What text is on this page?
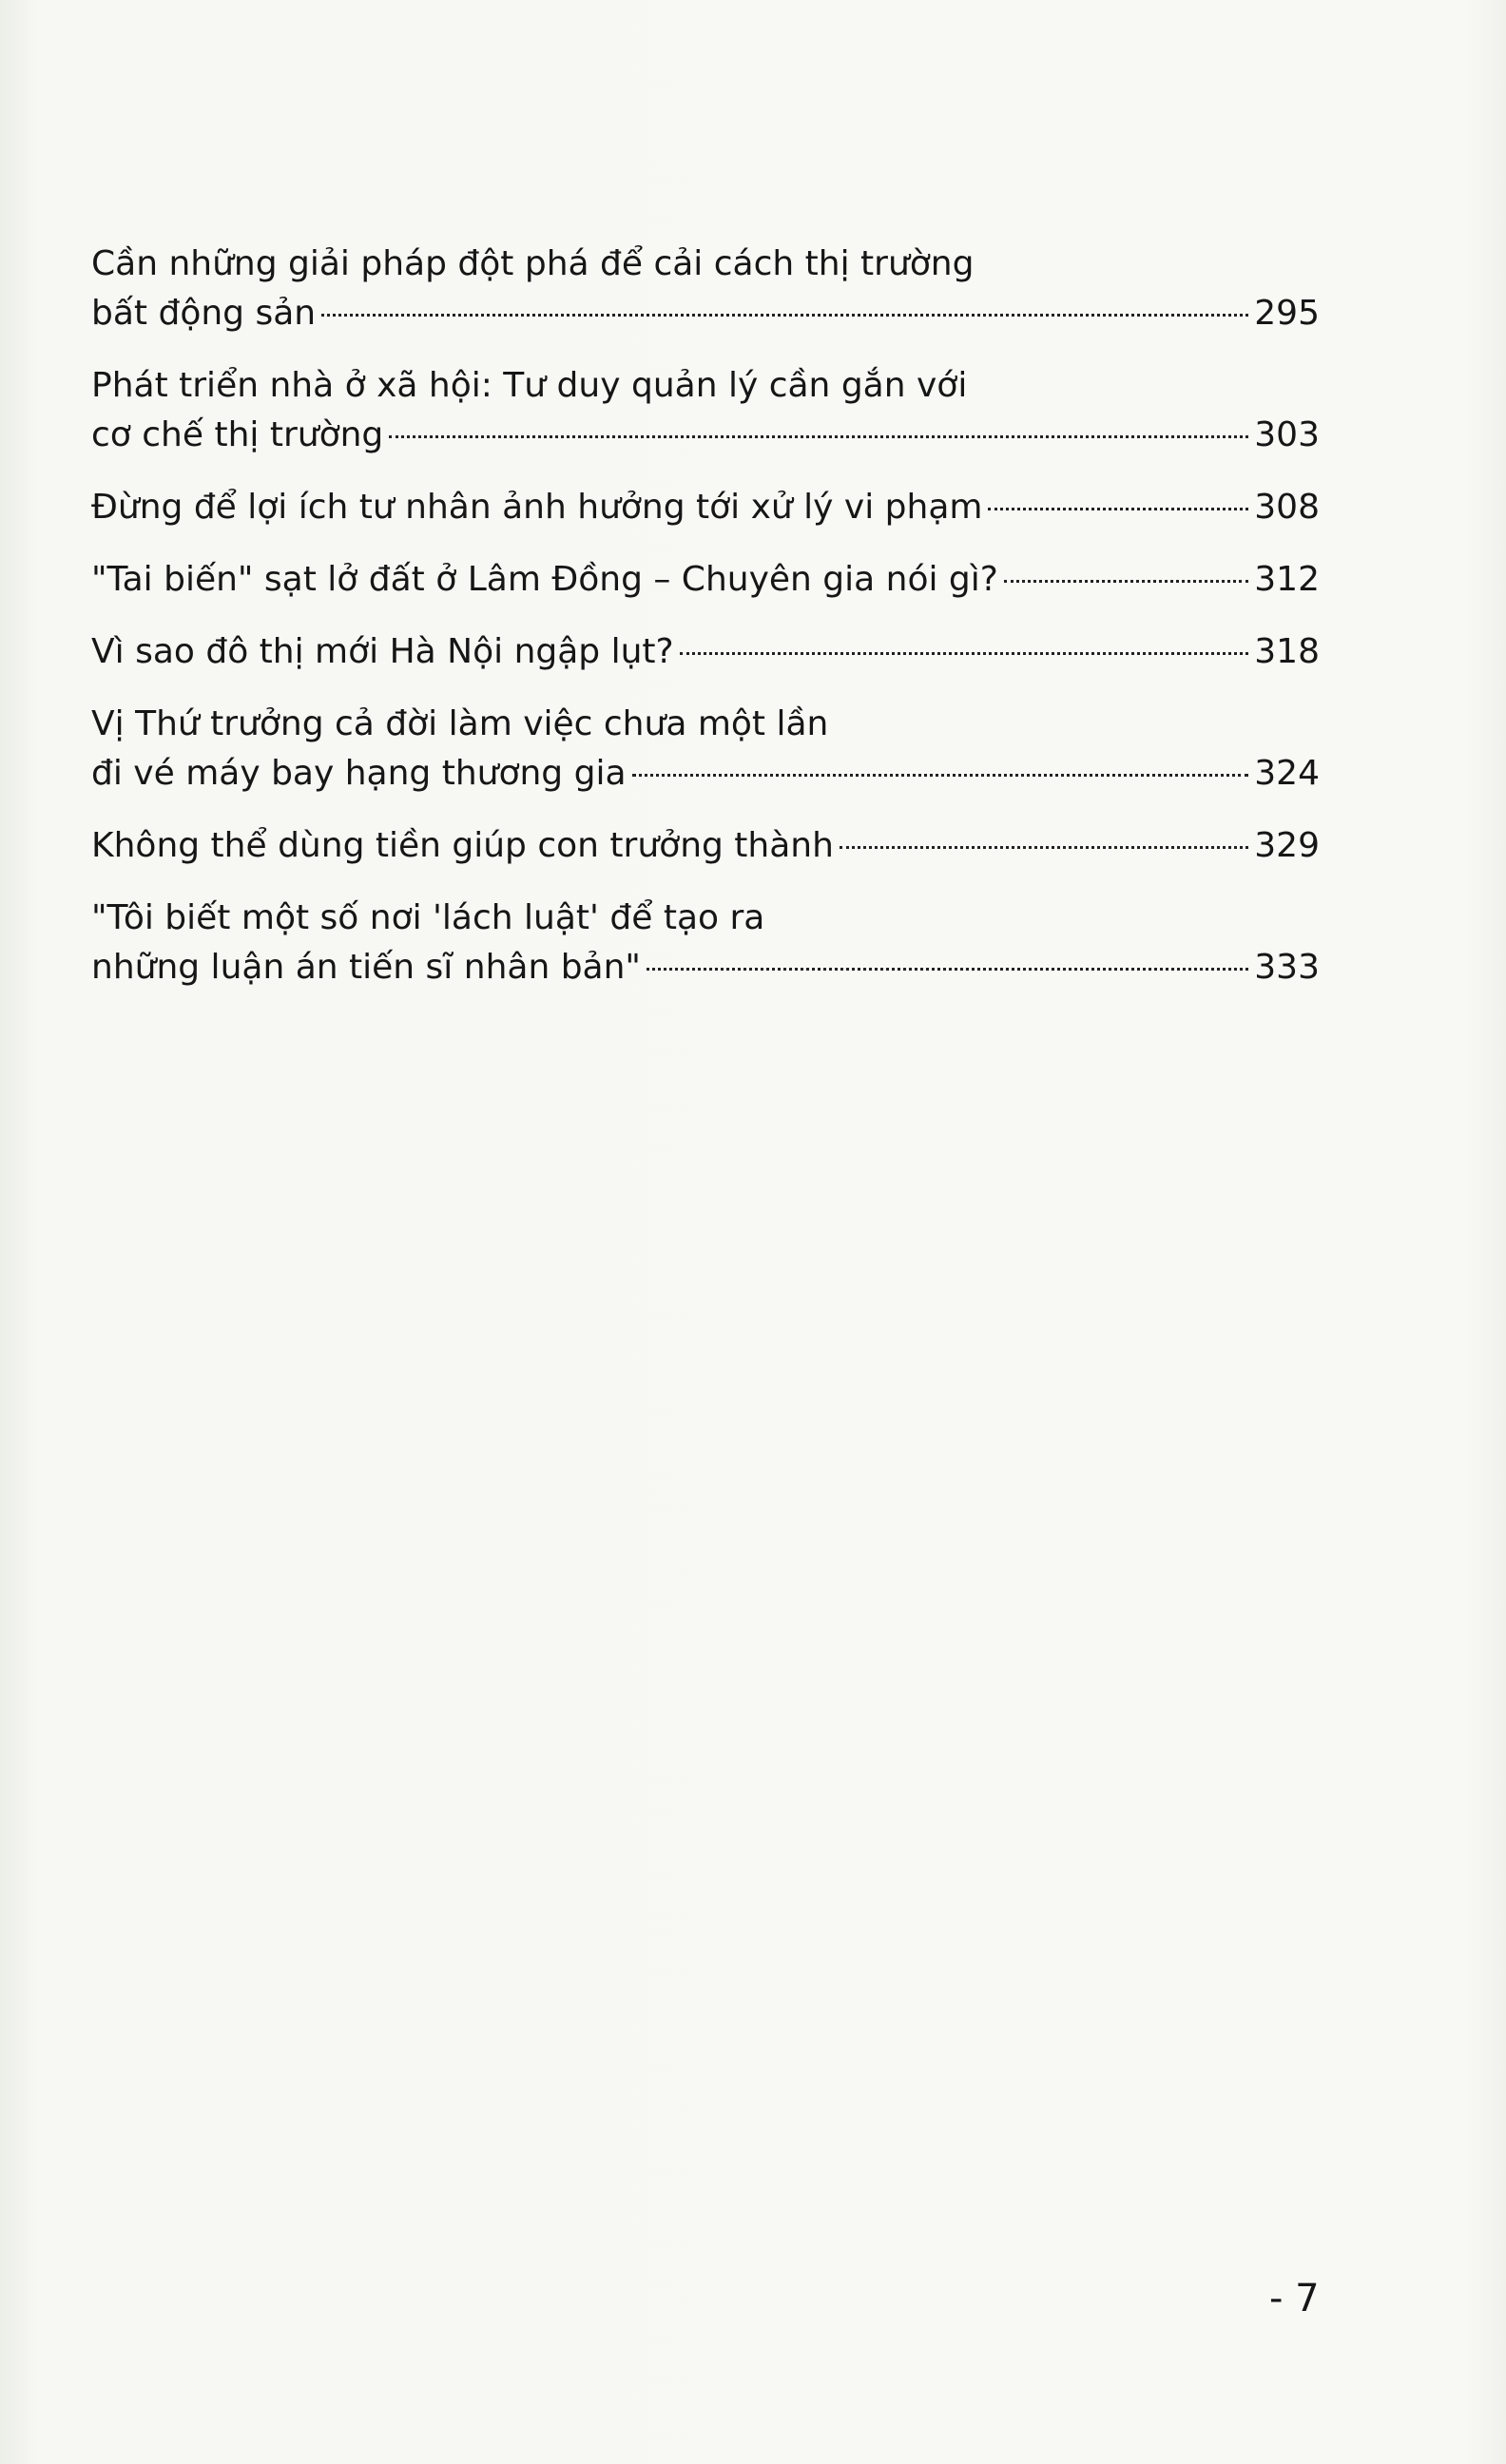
Cần những giải pháp đột phá để cải cách thị trường
bất động sản	295
Phát triển nhà ở xã hội: Tư duy quản lý cần gắn với
cơ chế thị trường	303
Đừng để lợi ích tư nhân ảnh hưởng tới xử lý vi phạm	308
"Tai biến" sạt lở đất ở Lâm Đồng – Chuyên gia nói gì?	312
Vì sao đô thị mới Hà Nội ngập lụt?	318
Vị Thứ trưởng cả đời làm việc chưa một lần
đi vé máy bay hạng thương gia	324
Không thể dùng tiền giúp con trưởng thành	329
"Tôi biết một số nơi 'lách luật' để tạo ra
những luận án tiến sĩ nhân bản"	333
- 7
